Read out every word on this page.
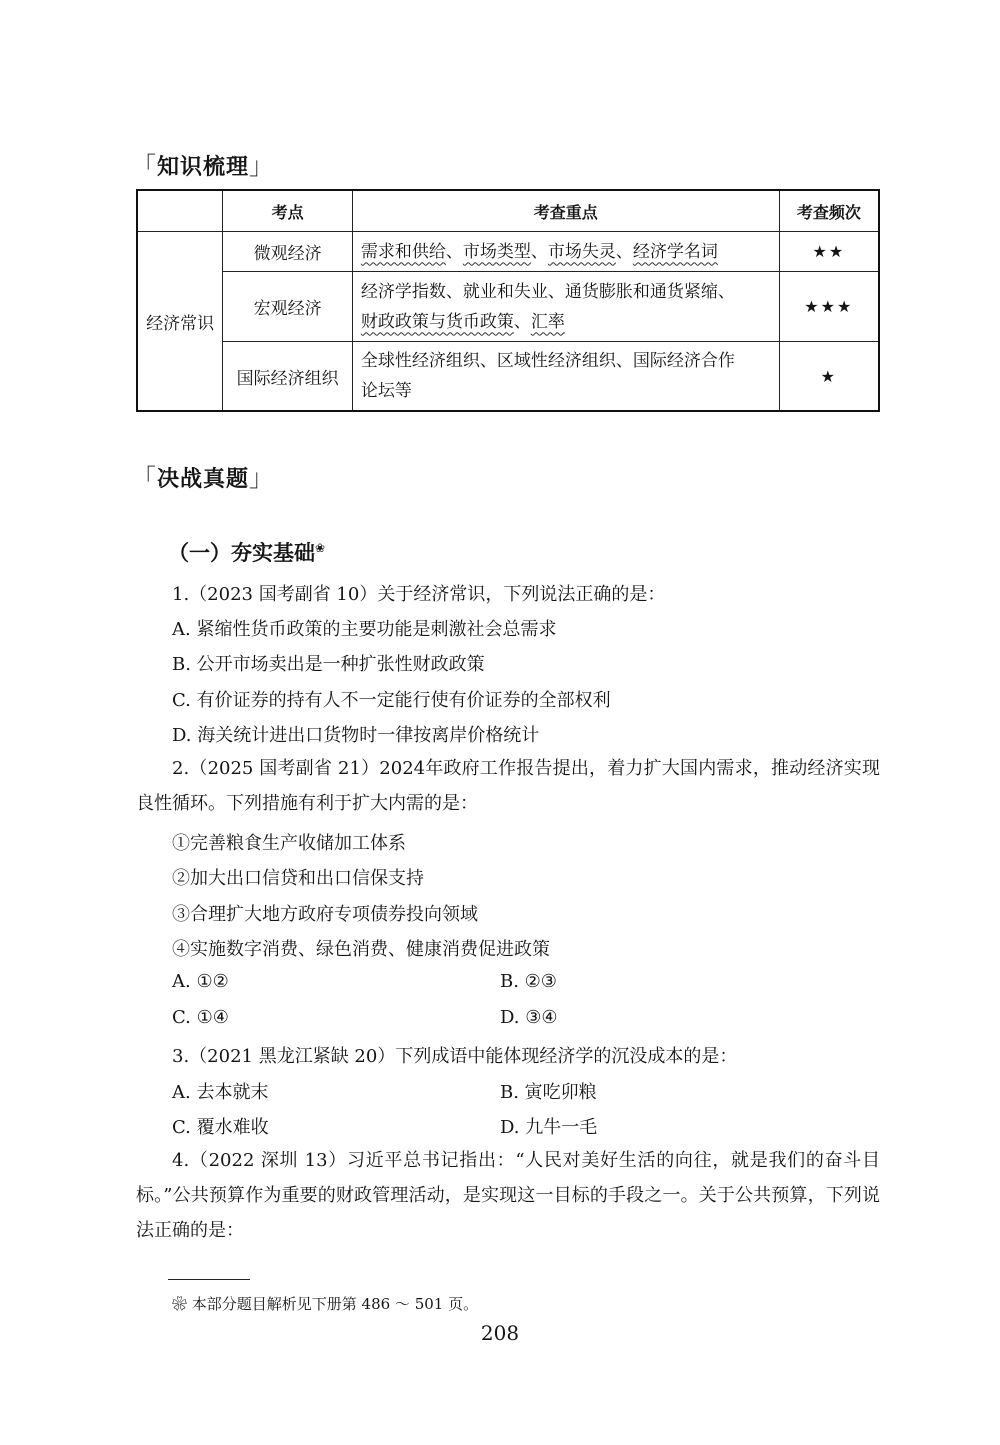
「知识梳理」
	考点	考查重点	考查频次
经济常识	微观经济	需求和供给、市场类型、市场失灵、经济学名词	★★
	宏观经济	经济学指数、就业和失业、通货膨胀和通货紧缩、
财政政策与货币政策、汇率	★★★
	国际经济组织	全球性经济组织、区域性经济组织、国际经济合作
论坛等	★
「决战真题」
（一）夯实基础❀
1.（2023 国考副省 10）关于经济常识，下列说法正确的是：
A. 紧缩性货币政策的主要功能是刺激社会总需求
B. 公开市场卖出是一种扩张性财政政策
C. 有价证券的持有人不一定能行使有价证券的全部权利
D. 海关统计进出口货物时一律按离岸价格统计
2.（2025 国考副省 21）2024年政府工作报告提出，着力扩大国内需求，推动经济实现良性循环。下列措施有利于扩大内需的是：
①完善粮食生产收储加工体系
②加大出口信贷和出口信保支持
③合理扩大地方政府专项债券投向领域
④实施数字消费、绿色消费、健康消费促进政策
A. ①②	B. ②③
C. ①④	D. ③④
3.（2021 黑龙江紧缺 20）下列成语中能体现经济学的沉没成本的是：
A. 去本就末	B. 寅吃卯粮
C. 覆水难收	D. 九牛一毛
4.（2022 深圳 13）习近平总书记指出：“人民对美好生活的向往，就是我们的奋斗目标。”公共预算作为重要的财政管理活动，是实现这一目标的手段之一。关于公共预算，下列说法正确的是：
❀ 本部分题目解析见下册第 486 ～ 501 页。
208
